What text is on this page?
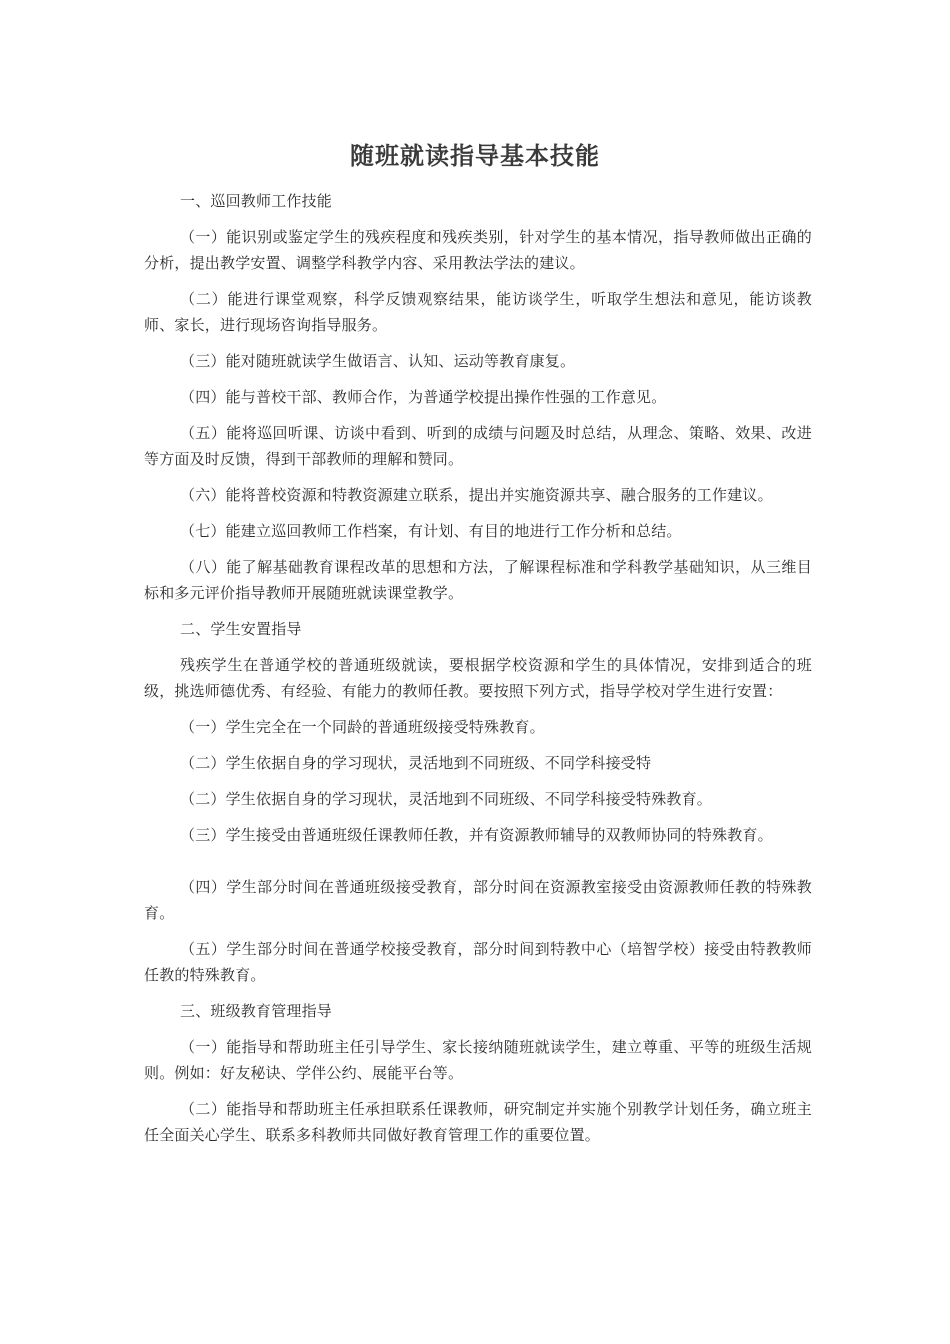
随班就读指导基本技能

一、巡回教师工作技能

（一）能识别或鉴定学生的残疾程度和残疾类别，针对学生的基本情况，指导教师做出正确的分析，提出教学安置、调整学科教学内容、采用教法学法的建议。

（二）能进行课堂观察，科学反馈观察结果，能访谈学生，听取学生想法和意见，能访谈教师、家长，进行现场咨询指导服务。

（三）能对随班就读学生做语言、认知、运动等教育康复。

（四）能与普校干部、教师合作，为普通学校提出操作性强的工作意见。

（五）能将巡回听课、访谈中看到、听到的成绩与问题及时总结，从理念、策略、效果、改进等方面及时反馈，得到干部教师的理解和赞同。

（六）能将普校资源和特教资源建立联系，提出并实施资源共享、融合服务的工作建议。

（七）能建立巡回教师工作档案，有计划、有目的地进行工作分析和总结。

（八）能了解基础教育课程改革的思想和方法，了解课程标准和学科教学基础知识，从三维目标和多元评价指导教师开展随班就读课堂教学。

二、学生安置指导

残疾学生在普通学校的普通班级就读，要根据学校资源和学生的具体情况，安排到适合的班级，挑选师德优秀、有经验、有能力的教师任教。要按照下列方式，指导学校对学生进行安置：

（一）学生完全在一个同龄的普通班级接受特殊教育。

（二）学生依据自身的学习现状，灵活地到不同班级、不同学科接受特

（二）学生依据自身的学习现状，灵活地到不同班级、不同学科接受特殊教育。

（三）学生接受由普通班级任课教师任教，并有资源教师辅导的双教师协同的特殊教育。

（四）学生部分时间在普通班级接受教育，部分时间在资源教室接受由资源教师任教的特殊教育。

（五）学生部分时间在普通学校接受教育，部分时间到特教中心（培智学校）接受由特教教师任教的特殊教育。

三、班级教育管理指导

（一）能指导和帮助班主任引导学生、家长接纳随班就读学生，建立尊重、平等的班级生活规则。例如：好友秘诀、学伴公约、展能平台等。

（二）能指导和帮助班主任承担联系任课教师，研究制定并实施个别教学计划任务，确立班主任全面关心学生、联系多科教师共同做好教育管理工作的重要位置。
